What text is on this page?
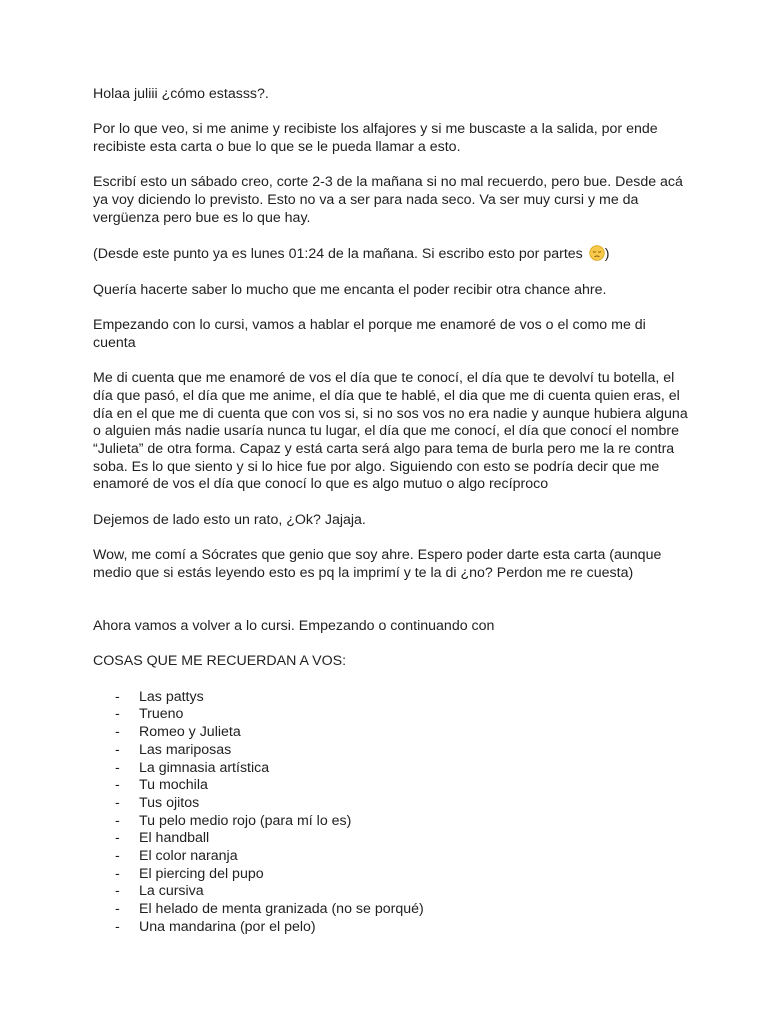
Holaa juliii ¿cómo estasss?.

Por lo que veo, si me anime y recibiste los alfajores y si me buscaste a la salida, por ende recibiste esta carta o bue lo que se le pueda llamar a esto.

Escribí esto un sábado creo, corte 2-3 de la mañana si no mal recuerdo, pero bue. Desde acá ya voy diciendo lo previsto. Esto no va a ser para nada seco. Va ser muy cursi y me da vergüenza pero bue es lo que hay.

(Desde este punto ya es lunes 01:24 de la mañana. Si escribo esto por partes )

Quería hacerte saber lo mucho que me encanta el poder recibir otra chance ahre.

Empezando con lo cursi, vamos a hablar el porque me enamoré de vos o el como me di cuenta

Me di cuenta que me enamoré de vos el día que te conocí, el día que te devolví tu botella, el día que pasó, el día que me anime, el día que te hablé, el dia que me di cuenta quien eras, el día en el que me di cuenta que con vos si, si no sos vos no era nadie y aunque hubiera alguna o alguien más nadie usaría nunca tu lugar, el día que me conocí, el día que conocí el nombre “Julieta” de otra forma. Capaz y está carta será algo para tema de burla pero me la re contra soba. Es lo que siento y si lo hice fue por algo. Siguiendo con esto se podría decir que me enamoré de vos el día que conocí lo que es algo mutuo o algo recíproco

Dejemos de lado esto un rato, ¿Ok? Jajaja.

Wow, me comí a Sócrates que genio que soy ahre. Espero poder darte esta carta (aunque medio que si estás leyendo esto es pq la imprimí y te la di ¿no? Perdon me re cuesta)

Ahora vamos a volver a lo cursi. Empezando o continuando con

COSAS QUE ME RECUERDAN A VOS:

- Las pattys
- Trueno
- Romeo y Julieta
- Las mariposas
- La gimnasia artística
- Tu mochila
- Tus ojitos
- Tu pelo medio rojo (para mí lo es)
- El handball
- El color naranja
- El piercing del pupo
- La cursiva
- El helado de menta granizada (no se porqué)
- Una mandarina (por el pelo)
